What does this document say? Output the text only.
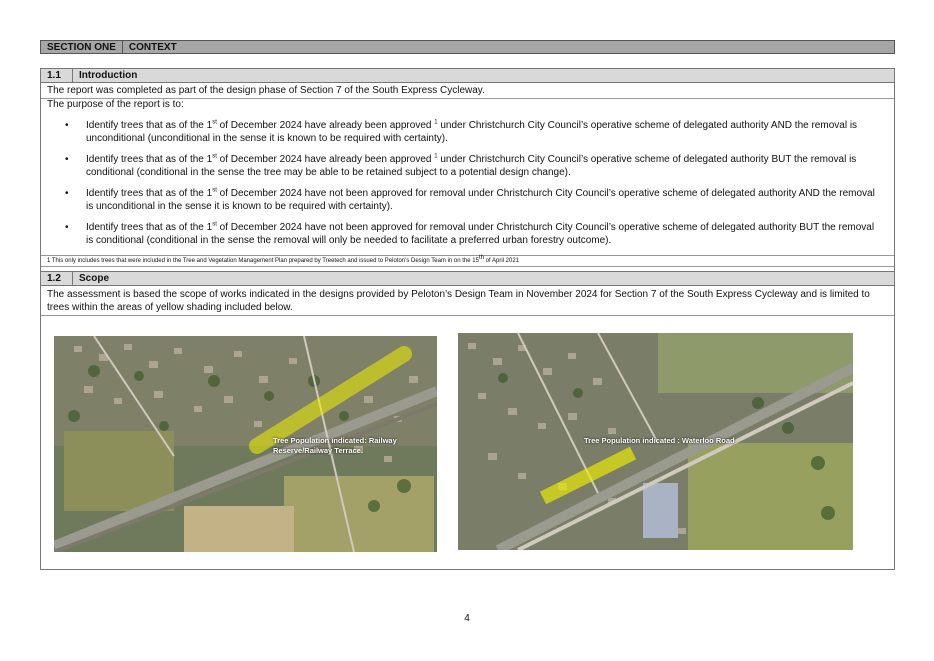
SECTION ONE	CONTEXT
1.1	Introduction
The report was completed as part of the design phase of Section 7 of the South Express Cycleway.
The purpose of the report is to:
• Identify trees that as of the 1st of December 2024 have already been approved $^1$ under Christchurch City Council’s operative scheme of delegated authority AND the removal is unconditional (unconditional in the sense it is known to be required with certainty).
• Identify trees that as of the 1st of December 2024 have already been approved $^1$ under Christchurch City Council’s operative scheme of delegated authority BUT the removal is conditional (conditional in the sense the tree may be able to be retained subject to a potential design change).
• Identify trees that as of the 1st of December 2024 have not been approved for removal under Christchurch City Council’s operative scheme of delegated authority AND the removal is unconditional in the sense it is known to be required with certainty).
• Identify trees that as of the 1st of December 2024 have not been approved for removal under Christchurch City Council’s operative scheme of delegated authority BUT the removal is conditional (conditional in the sense the removal will only be needed to facilitate a preferred urban forestry outcome).
1 This only includes trees that were included in the Tree and Vegetation Management Plan prepared by Treetech and issued to Peloton’s Design Team in on the 15th of April 2021
1.2	Scope
The assessment is based the scope of works indicated in the designs provided by Peloton’s Design Team in November 2024 for Section 7 of the South Express Cycleway and is limited to trees within the areas of yellow shading included below.
Tree Population indicated: Railway
Reserve/Railway Terrace.
Tree Population indicated : Waterloo Road
4
